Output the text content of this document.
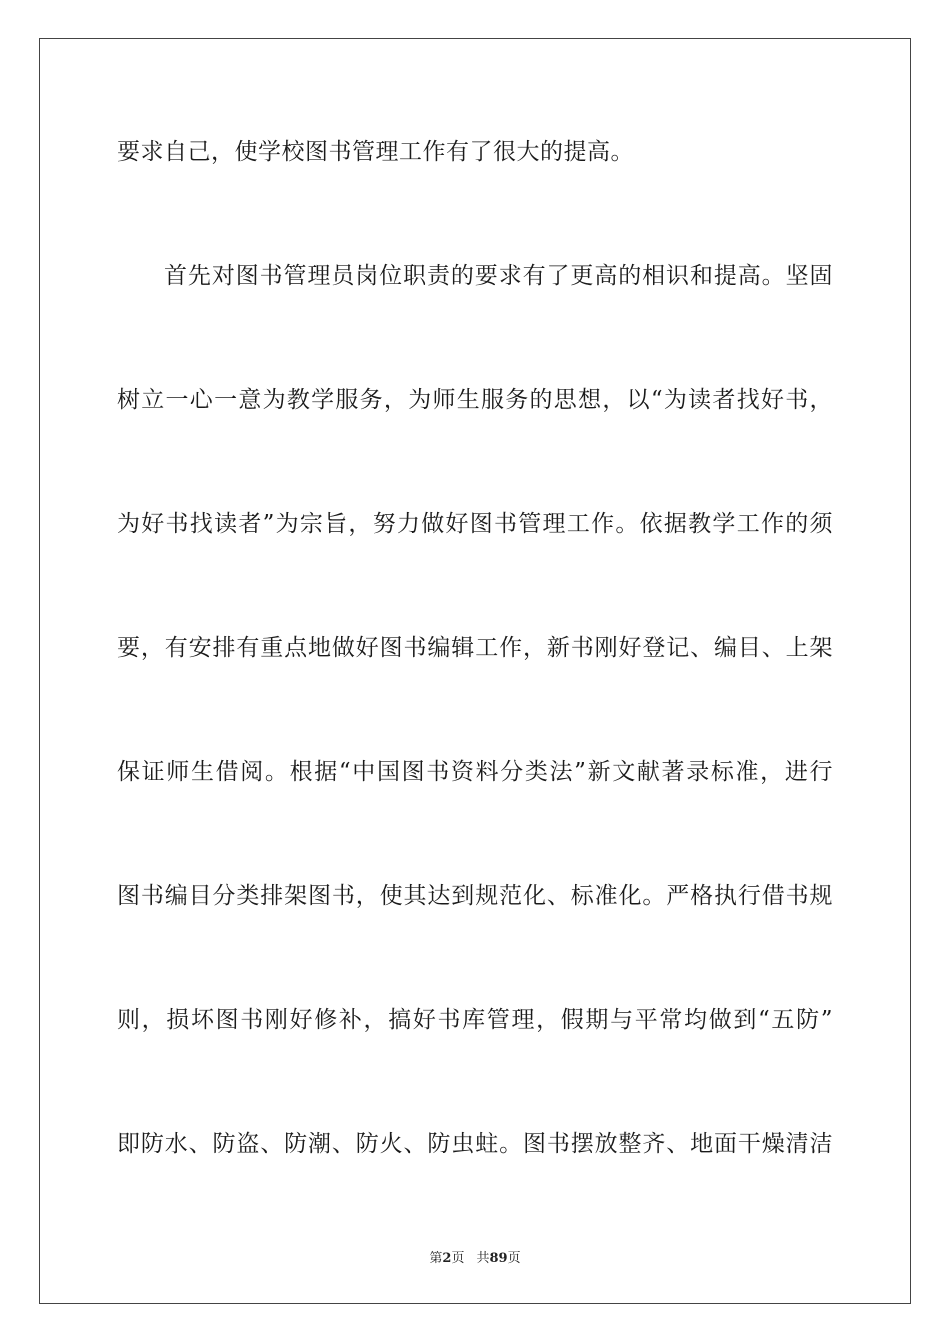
要求自己，使学校图书管理工作有了很大的提高。
首先对图书管理员岗位职责的要求有了更高的相识和提高。坚固
树立一心一意为教学服务，为师生服务的思想，以“为读者找好书，
为好书找读者”为宗旨，努力做好图书管理工作。依据教学工作的须
要，有安排有重点地做好图书编辑工作，新书刚好登记、编目、上架
保证师生借阅。根据“中国图书资料分类法”新文献著录标准，进行
图书编目分类排架图书，使其达到规范化、标准化。严格执行借书规
则，损坏图书刚好修补，搞好书库管理，假期与平常均做到“五防”
即防水、防盗、防潮、防火、防虫蛀。图书摆放整齐、地面干燥清洁
第2页 共89页
